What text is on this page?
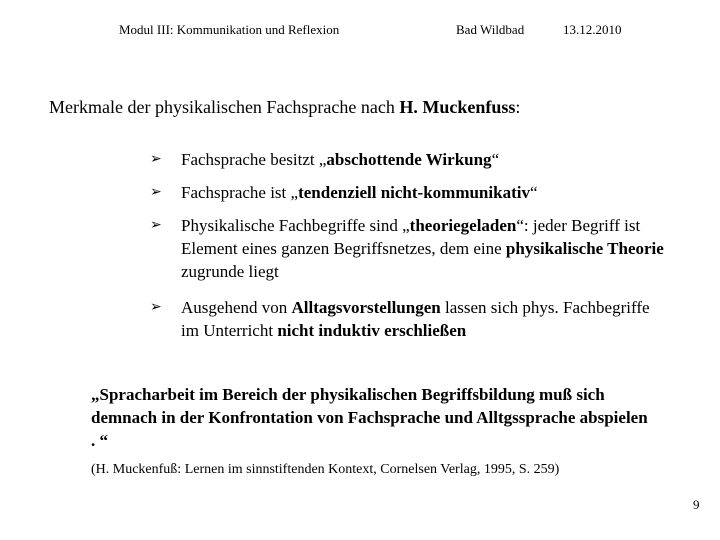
Modul III: Kommunikation und Reflexion	Bad Wildbad	13.12.2010
Merkmale der physikalischen Fachsprache nach H. Muckenfuss:
➢	Fachsprache besitzt „abschottende Wirkung“
➢	Fachsprache ist „tendenziell nicht-kommunikativ“
➢	Physikalische Fachbegriffe sind „theoriegeladen“: jeder Begriff ist Element eines ganzen Begriffsnetzes, dem eine physikalische Theorie zugrunde liegt
➢	Ausgehend von Alltagsvorstellungen lassen sich phys. Fachbegriffe im Unterricht nicht induktiv erschließen
„Spracharbeit im Bereich der physikalischen Begriffsbildung muß sich demnach in der Konfrontation von Fachsprache und Alltgssprache abspielen . “
(H. Muckenfuß: Lernen im sinnstiftenden Kontext, Cornelsen Verlag, 1995, S. 259)
9
